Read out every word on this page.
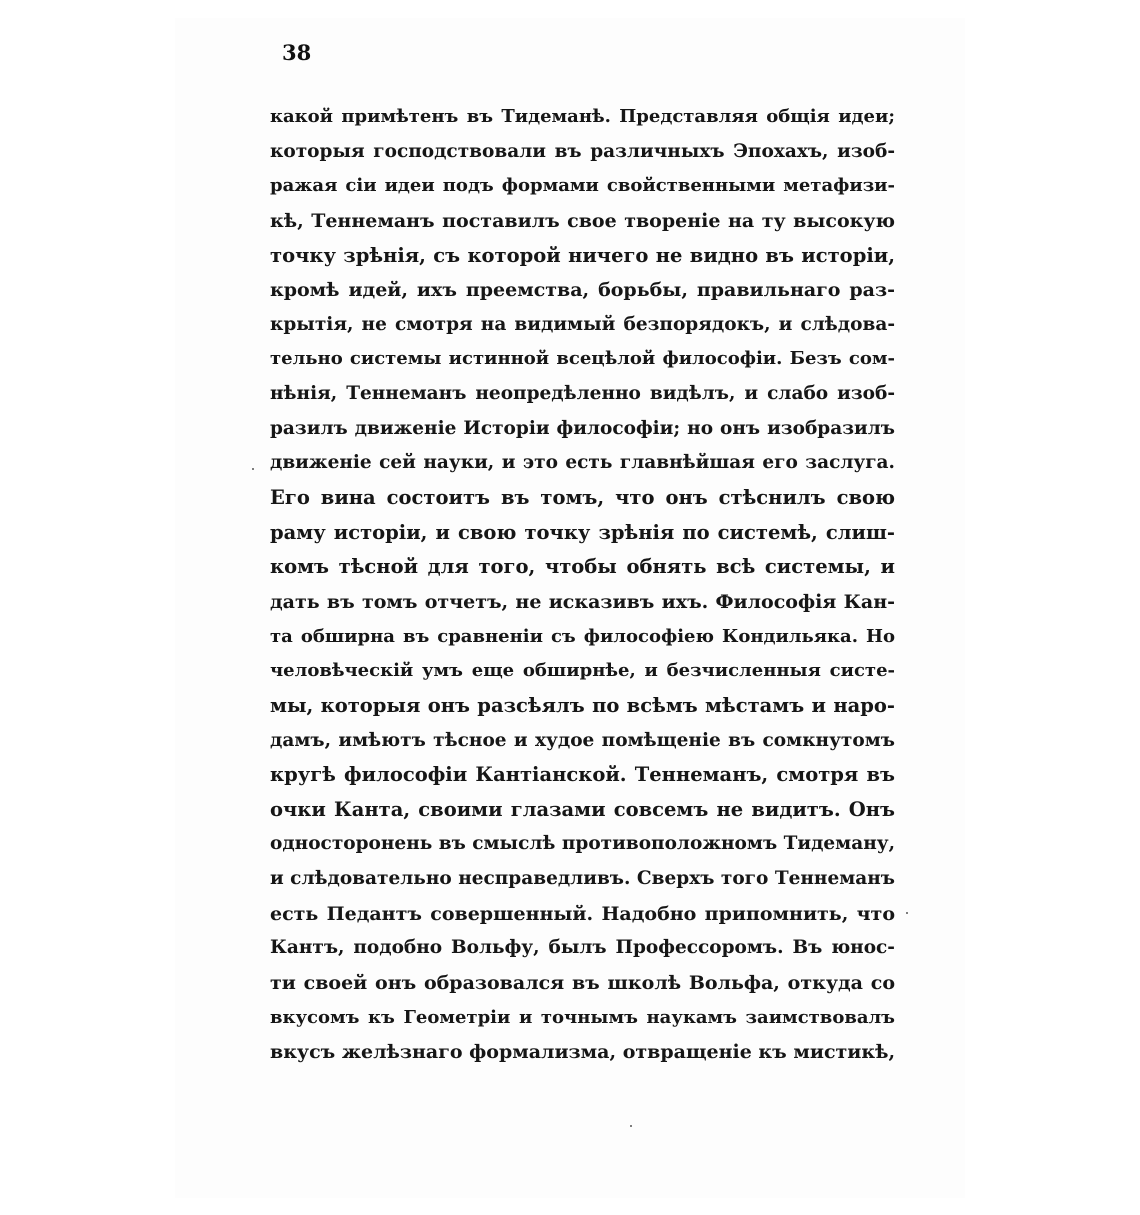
38
какой примѣтенъ въ Тидеманѣ. Представляя общія идеи;
которыя господствовали въ различныхъ Эпохахъ, изоб-
ражая сіи идеи подъ формами свойственными метафизи-
кѣ, Теннеманъ поставилъ свое твореніе на ту высокую
точку зрѣнія, съ которой ничего не видно въ исторіи,
кромѣ идей, ихъ преемства, борьбы, правильнаго раз-
крытія, не смотря на видимый безпорядокъ, и слѣдова-
тельно системы истинной всецѣлой философіи. Безъ сом-
нѣнія, Теннеманъ неопредѣленно видѣлъ, и слабо изоб-
разилъ движеніе Исторіи философіи; но онъ изобразилъ
движеніе сей науки, и это есть главнѣйшая его заслуга.
Его вина состоитъ въ томъ, что онъ стѣснилъ свою
раму исторіи, и свою точку зрѣнія по системѣ, слиш-
комъ тѣсной для того, чтобы обнять всѣ системы, и
дать въ томъ отчетъ, не исказивъ ихъ. Философія Кан-
та обширна въ сравненіи съ философіею Кондильяка. Но
человѣческій умъ еще обширнѣе, и безчисленныя систе-
мы, которыя онъ разсѣялъ по всѣмъ мѣстамъ и наро-
дамъ, имѣютъ тѣсное и худое помѣщеніе въ сомкнутомъ
кругѣ философіи Кантіанской. Теннеманъ, смотря въ
очки Канта, своими глазами совсемъ не видитъ. Онъ
односторонень въ смыслѣ противоположномъ Тидеману,
и слѣдовательно несправедливъ. Сверхъ того Теннеманъ
есть Педантъ совершенный. Надобно припомнить, что
Кантъ, подобно Вольфу, былъ Профессоромъ. Въ юнос-
ти своей онъ образовался въ школѣ Вольфа, откуда со
вкусомъ къ Геометріи и точнымъ наукамъ заимствовалъ
вкусъ желѣзнаго формализма, отвращеніе къ мистикѣ,
